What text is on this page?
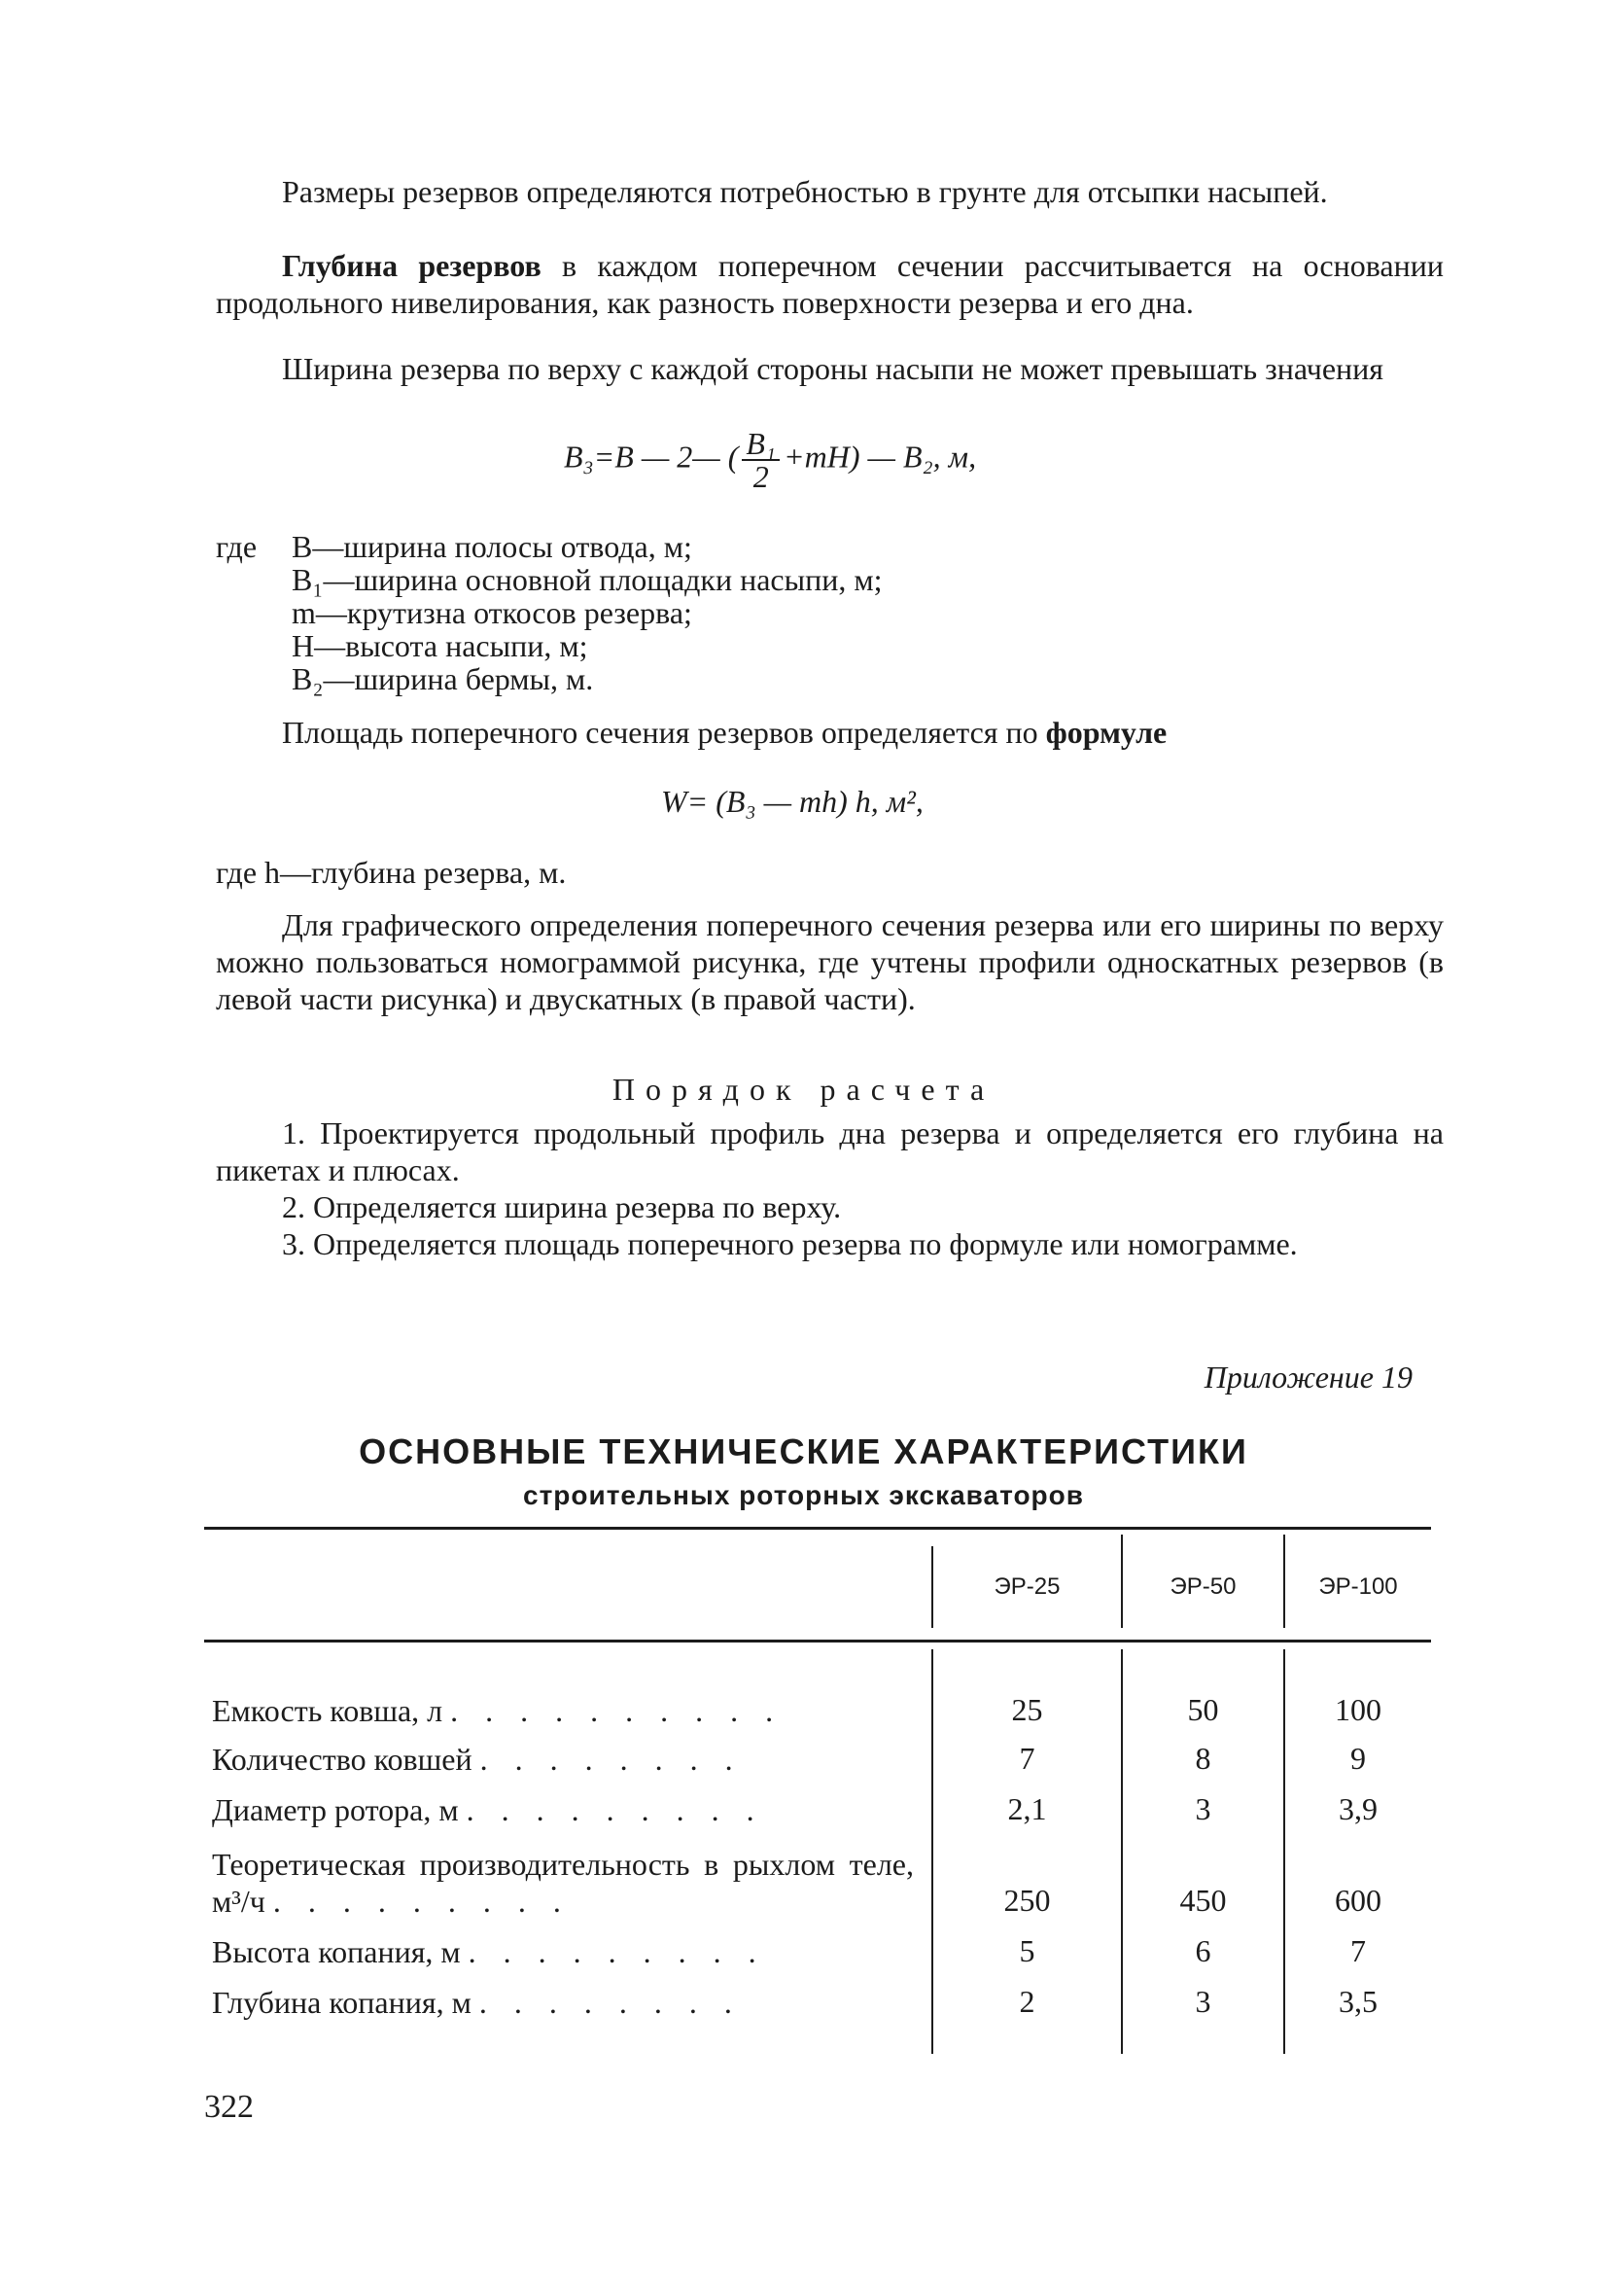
Размеры резервов определяются потребностью в грунте для отсыпки насыпей.

Глубина резервов в каждом поперечном сечении рассчитывается на основании продольного нивелирования, как разность поверхности резерва и его дна.

Ширина резерва по верху с каждой стороны насыпи не может превышать значения

B₃=B — 2— ( $\frac{\text{B₁}}{2} +mH$) — B₂, м,
где B—ширина полосы отвода, м;
B₁—ширина основной площадки насыпи, м;
m—крутизна откосов резерва;
H—высота насыпи, м;
B₂—ширина бермы, м.

Площадь поперечного сечения резервов определяется по формуле

W= (B₃ — mh) h, м²,
где h—глубина резерва, м.

Для графического определения поперечного сечения резерва или его ширины по верху можно пользоваться номограммой рисунка, где учтены профили односкатных резервов (в левой части рисунка) и двускатных (в правой части).

Порядок расчета

1. Проектируется продольный профиль дна резерва и определяется его глубина на пикетах и плюсах.

2. Определяется ширина резерва по верху.

3. Определяется площадь поперечного резерва по формуле или номограмме.

Приложение 19
ОСНОВНЫЕ ТЕХНИЧЕСКИЕ ХАРАКТЕРИСТИКИ
строительных роторных экскаваторов
ЭР-25	ЭР-50	ЭР-100
Емкость ковша, л . . . . . . . . . .	25	50	100
Количество ковшей . . . . . . . .	7	8	9
Диаметр ротора, м . . . . . . . . .	2,1	3	3,9
Теоретическая производительность в рыхлом теле, м³/ч . . . . . . . . .	250	450	600
Высота копания, м . . . . . . . . .	5	6	7
Глубина копания, м . . . . . . . .	2	3	3,5
322
